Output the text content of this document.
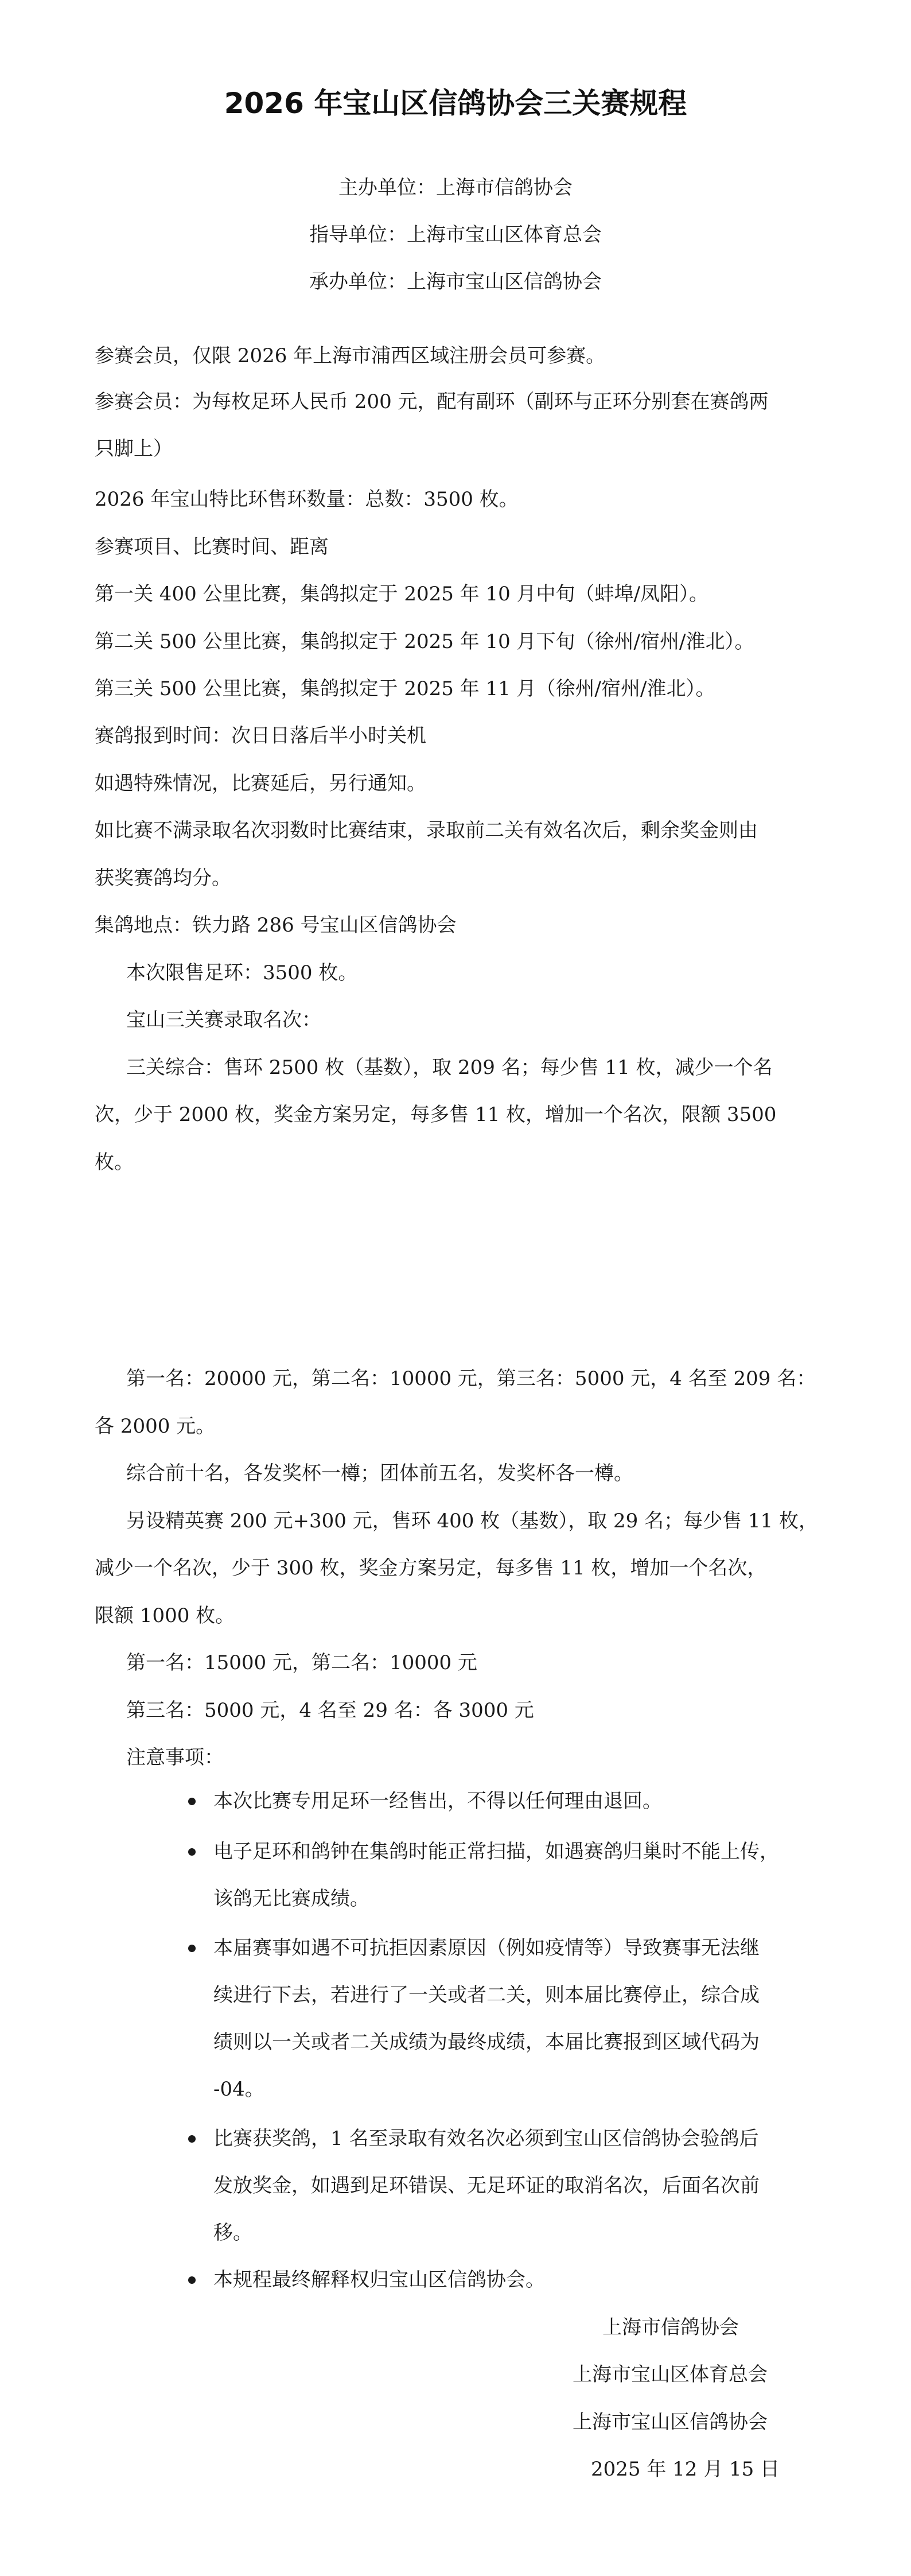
2026 年宝山区信鸽协会三关赛规程

主办单位：上海市信鸽协会

指导单位：上海市宝山区体育总会

承办单位：上海市宝山区信鸽协会

参赛会员，仅限 2026 年上海市浦西区域注册会员可参赛。

参赛会员：为每枚足环人民币 200 元，配有副环（副环与正环分别套在赛鸽两

只脚上）

2026 年宝山特比环售环数量：总数：3500 枚。

参赛项目、比赛时间、距离

第一关 400 公里比赛，集鸽拟定于 2025 年 10 月中旬（蚌埠/凤阳）。

第二关 500 公里比赛，集鸽拟定于 2025 年 10 月下旬（徐州/宿州/淮北）。

第三关 500 公里比赛，集鸽拟定于 2025 年 11 月（徐州/宿州/淮北）。

赛鸽报到时间：次日日落后半小时关机

如遇特殊情况，比赛延后，另行通知。

如比赛不满录取名次羽数时比赛结束，录取前二关有效名次后，剩余奖金则由

获奖赛鸽均分。

集鸽地点：铁力路 286 号宝山区信鸽协会

本次限售足环：3500 枚。

宝山三关赛录取名次：

三关综合：售环 2500 枚（基数），取 209 名；每少售 11 枚，减少一个名

次，少于 2000 枚，奖金方案另定，每多售 11 枚，增加一个名次，限额 3500

枚。

第一名：20000 元，第二名：10000 元，第三名：5000 元，4 名至 209 名：

各 2000 元。

综合前十名，各发奖杯一樽；团体前五名，发奖杯各一樽。

另设精英赛 200 元+300 元，售环 400 枚（基数），取 29 名；每少售 11 枚，

减少一个名次，少于 300 枚，奖金方案另定，每多售 11 枚，增加一个名次，

限额 1000 枚。

第一名：15000 元，第二名：10000 元

第三名：5000 元，4 名至 29 名：各 3000 元

注意事项：

本次比赛专用足环一经售出，不得以任何理由退回。

电子足环和鸽钟在集鸽时能正常扫描，如遇赛鸽归巢时不能上传，

该鸽无比赛成绩。

本届赛事如遇不可抗拒因素原因（例如疫情等）导致赛事无法继

续进行下去，若进行了一关或者二关，则本届比赛停止，综合成

绩则以一关或者二关成绩为最终成绩，本届比赛报到区域代码为

-04。

比赛获奖鸽，1 名至录取有效名次必须到宝山区信鸽协会验鸽后

发放奖金，如遇到足环错误、无足环证的取消名次，后面名次前

移。

本规程最终解释权归宝山区信鸽协会。

上海市信鸽协会

上海市宝山区体育总会

上海市宝山区信鸽协会

2025 年 12 月 15 日
